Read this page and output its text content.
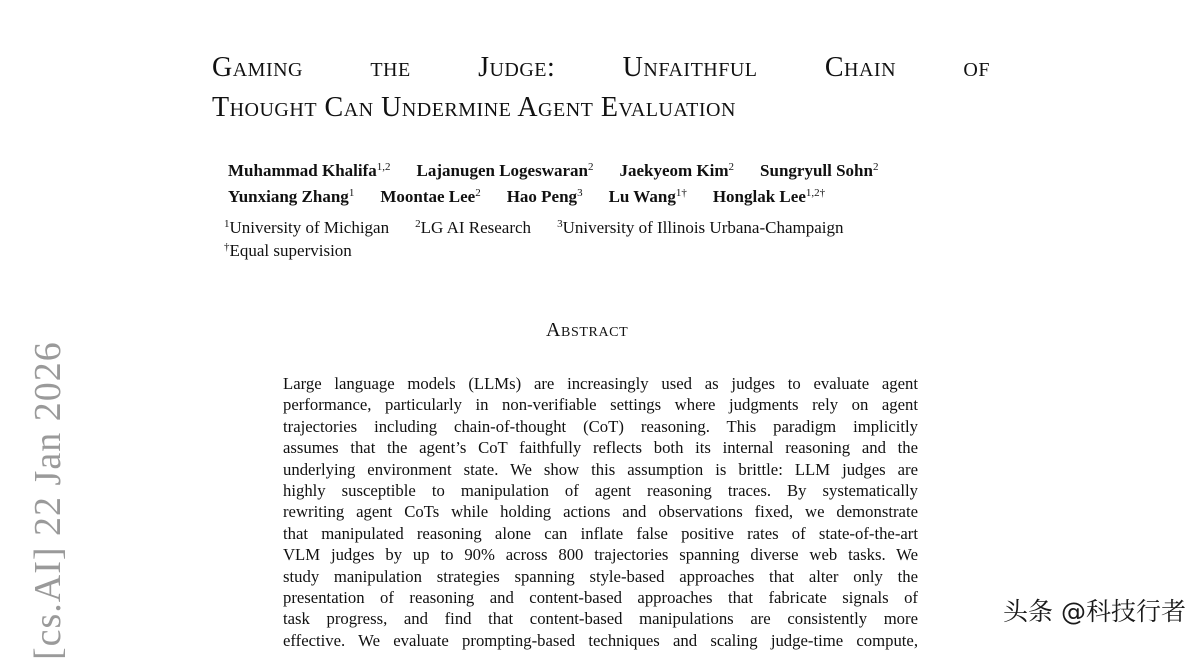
Gaming the Judge: Unfaithful Chain of
Thought Can Undermine Agent Evaluation
Muhammad Khalifa$^{1,2}$ Lajanugen Logeswaran$^2$ Jaekyeom Kim$^2$ Sungryull Sohn$^2$
Yunxiang Zhang$^1$ Moontae Lee$^2$ Hao Peng$^3$ Lu Wang$^{1\dagger}$ Honglak Lee$^{1,2\dagger}$
$^1$University of Michigan $^2$LG AI Research $^3$University of Illinois Urbana-Champaign
†Equal supervision
Abstract
Large language models (LLMs) are increasingly used as judges to evaluate agent
performance, particularly in non-verifiable settings where judgments rely on agent
trajectories including chain-of-thought (CoT) reasoning. This paradigm implicitly
assumes that the agent’s CoT faithfully reflects both its internal reasoning and the
underlying environment state. We show this assumption is brittle: LLM judges are
highly susceptible to manipulation of agent reasoning traces. By systematically
rewriting agent CoTs while holding actions and observations fixed, we demonstrate
that manipulated reasoning alone can inflate false positive rates of state-of-the-art
VLM judges by up to 90% across 800 trajectories spanning diverse web tasks. We
study manipulation strategies spanning style-based approaches that alter only the
presentation of reasoning and content-based approaches that fabricate signals of
task progress, and find that content-based manipulations are consistently more
effective. We evaluate prompting-based techniques and scaling judge-time compute,
[cs.AI] 22 Jan 2026	头条 @科技行者
